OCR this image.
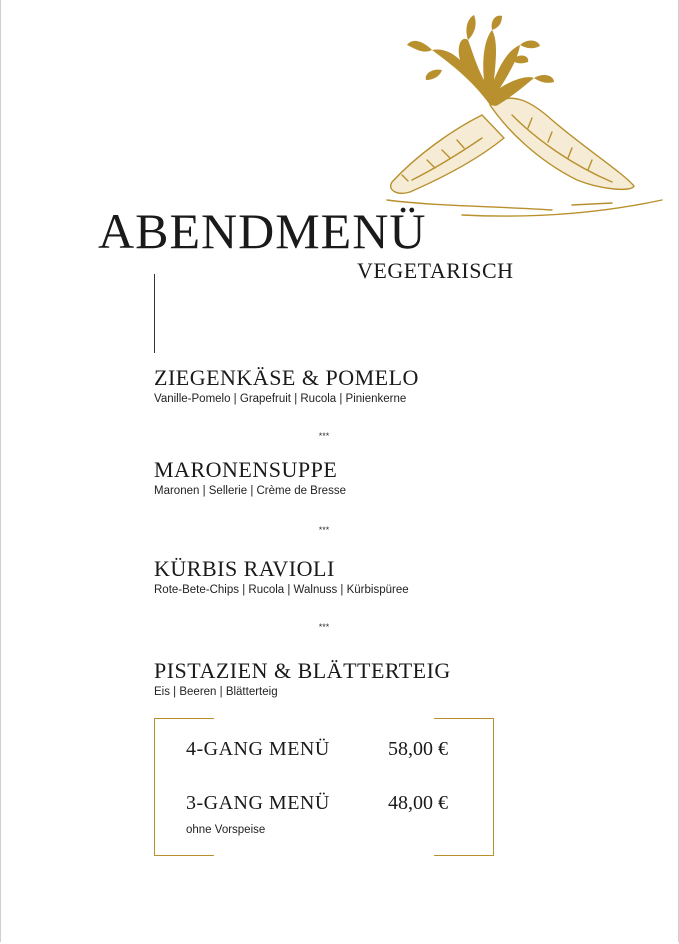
ABENDMENÜ
VEGETARISCH
ZIEGENKÄSE & POMELO
Vanille-Pomelo | Grapefruit | Rucola | Pinienkerne
***
MARONENSUPPE
Maronen | Sellerie | Crème de Bresse
***
KÜRBIS RAVIOLI
Rote-Bete-Chips | Rucola | Walnuss | Kürbispüree
***
PISTAZIEN & BLÄTTERTEIG
Eis | Beeren | Blätterteig
4-GANG MENÜ	58,00 €
3-GANG MENÜ	48,00 €
ohne Vorspeise
